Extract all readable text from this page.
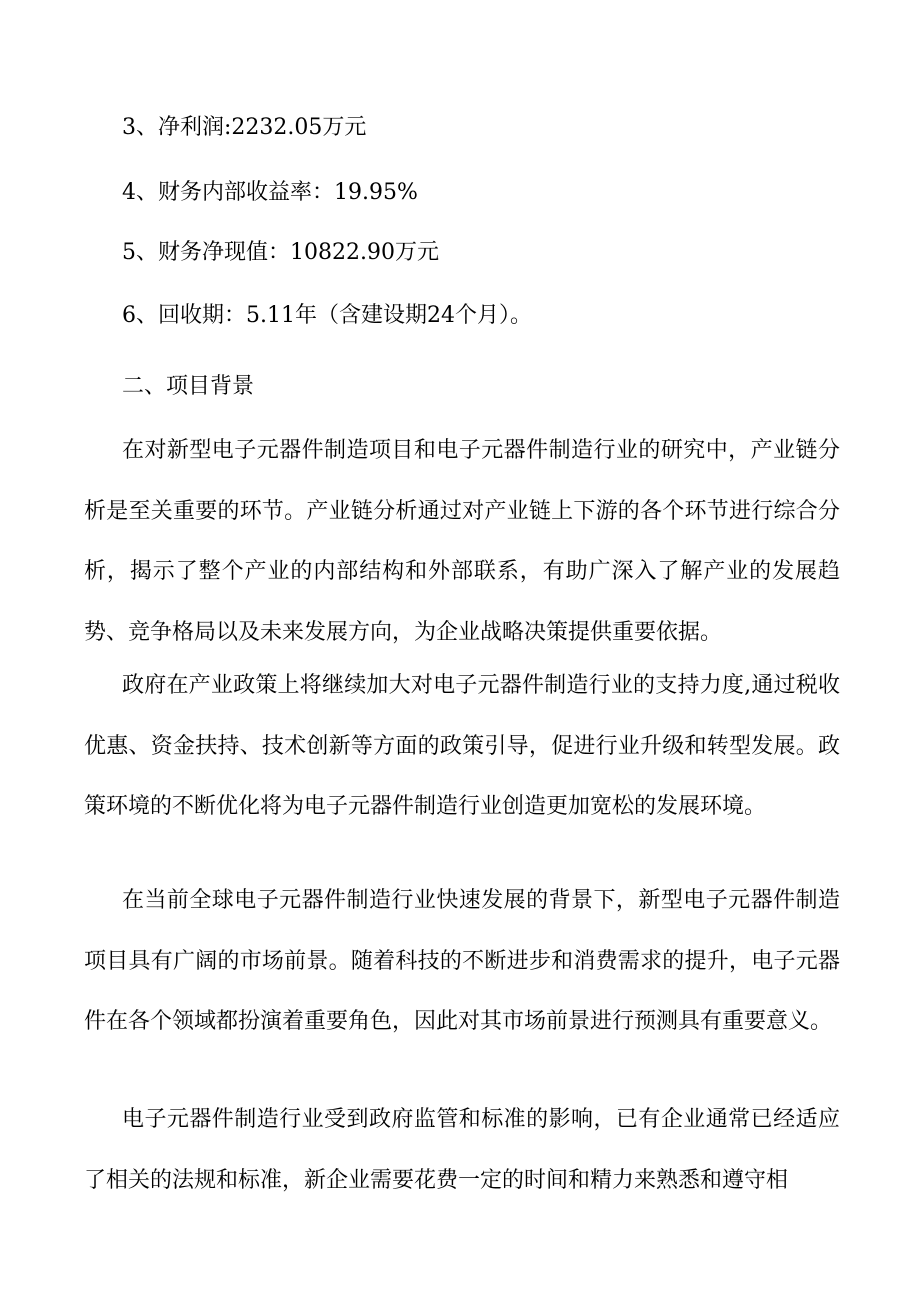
3、净利润:2232.05万元
4、财务内部收益率：19.95%
5、财务净现值：10822.90万元
6、回收期：5.11年（含建设期24个月）。
二、项目背景

在对新型电子元器件制造项目和电子元器件制造行业的研究中，产业链分析是至关重要的环节。产业链分析通过对产业链上下游的各个环节进行综合分析，揭示了整个产业的内部结构和外部联系，有助广深入了解产业的发展趋势、竞争格局以及未来发展方向，为企业战略决策提供重要依据。

政府在产业政策上将继续加大对电子元器件制造行业的支持力度,通过税收优惠、资金扶持、技术创新等方面的政策引导，促进行业升级和转型发展。政策环境的不断优化将为电子元器件制造行业创造更加宽松的发展环境。

在当前全球电子元器件制造行业快速发展的背景下，新型电子元器件制造项目具有广阔的市场前景。随着科技的不断进步和消费需求的提升，电子元器件在各个领域都扮演着重要角色，因此对其市场前景进行预测具有重要意义。

电子元器件制造行业受到政府监管和标准的影响，已有企业通常已经适应了相关的法规和标准，新企业需要花费一定的时间和精力来熟悉和遵守相
